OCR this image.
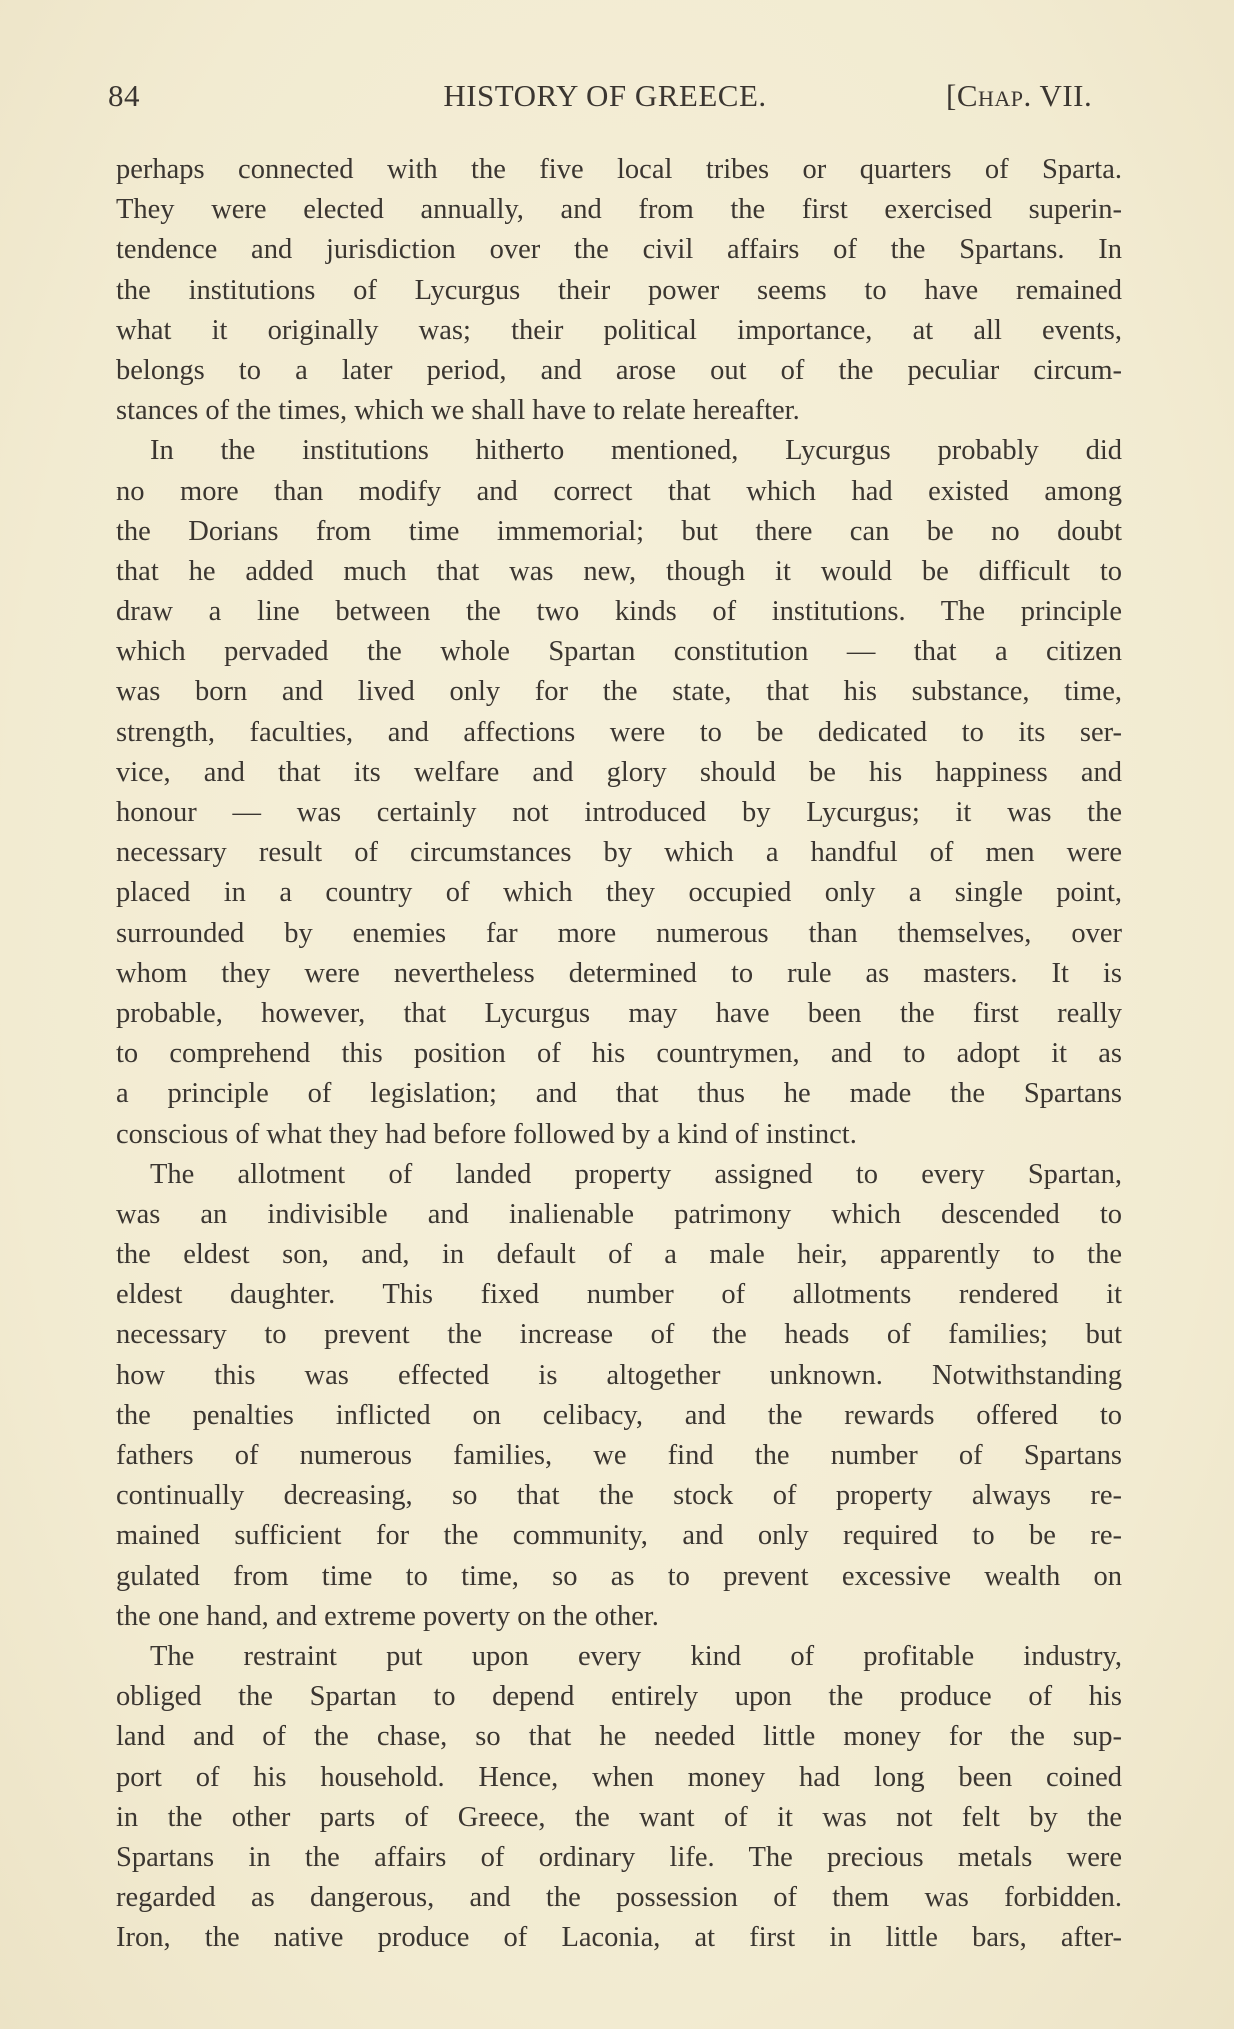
84	HISTORY OF GREECE.	[Chap. VII.
perhaps connected with the five local tribes or quarters of Sparta.
They were elected annually, and from the first exercised superin-
tendence and jurisdiction over the civil affairs of the Spartans. In
the institutions of Lycurgus their power seems to have remained
what it originally was; their political importance, at all events,
belongs to a later period, and arose out of the peculiar circum-
stances of the times, which we shall have to relate hereafter.
In the institutions hitherto mentioned, Lycurgus probably did
no more than modify and correct that which had existed among
the Dorians from time immemorial; but there can be no doubt
that he added much that was new, though it would be difficult to
draw a line between the two kinds of institutions. The principle
which pervaded the whole Spartan constitution — that a citizen
was born and lived only for the state, that his substance, time,
strength, faculties, and affections were to be dedicated to its ser-
vice, and that its welfare and glory should be his happiness and
honour — was certainly not introduced by Lycurgus; it was the
necessary result of circumstances by which a handful of men were
placed in a country of which they occupied only a single point,
surrounded by enemies far more numerous than themselves, over
whom they were nevertheless determined to rule as masters. It is
probable, however, that Lycurgus may have been the first really
to comprehend this position of his countrymen, and to adopt it as
a principle of legislation; and that thus he made the Spartans
conscious of what they had before followed by a kind of instinct.
The allotment of landed property assigned to every Spartan,
was an indivisible and inalienable patrimony which descended to
the eldest son, and, in default of a male heir, apparently to the
eldest daughter. This fixed number of allotments rendered it
necessary to prevent the increase of the heads of families; but
how this was effected is altogether unknown. Notwithstanding
the penalties inflicted on celibacy, and the rewards offered to
fathers of numerous families, we find the number of Spartans
continually decreasing, so that the stock of property always re-
mained sufficient for the community, and only required to be re-
gulated from time to time, so as to prevent excessive wealth on
the one hand, and extreme poverty on the other.
The restraint put upon every kind of profitable industry,
obliged the Spartan to depend entirely upon the produce of his
land and of the chase, so that he needed little money for the sup-
port of his household. Hence, when money had long been coined
in the other parts of Greece, the want of it was not felt by the
Spartans in the affairs of ordinary life. The precious metals were
regarded as dangerous, and the possession of them was forbidden.
Iron, the native produce of Laconia, at first in little bars, after-
